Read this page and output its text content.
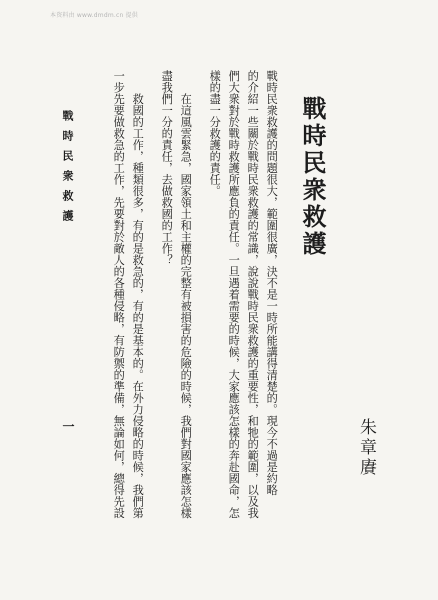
本资料由 www.dmdm.cn 提供
戰時民衆救護
朱章賡
戰時民衆救護的問題很大，範圍很廣，決不是一時所能講得清楚的。現今不過是約略
的介紹一些關於戰時民衆救護的常識，說說戰時民衆救護的重要性，和牠的範圍，以及我
們大衆對於戰時救護所應負的責任。一旦遇着需要的時候，大家應該怎樣的奔赴國命，怎
樣的盡一分救護的責任。
在這風雲緊急，國家領土和主權的完整有被損害的危險的時候，我們對國家應該怎樣
盡我們一分的責任，去做救國的工作？
救國的工作，種類很多，有的是救急的，有的是基本的。在外力侵略的時候，我們第
一步先要做救急的工作，先要對於敵人的各種侵略，有防禦的準備，無論如何，總得先設
戰時民衆救護
一
